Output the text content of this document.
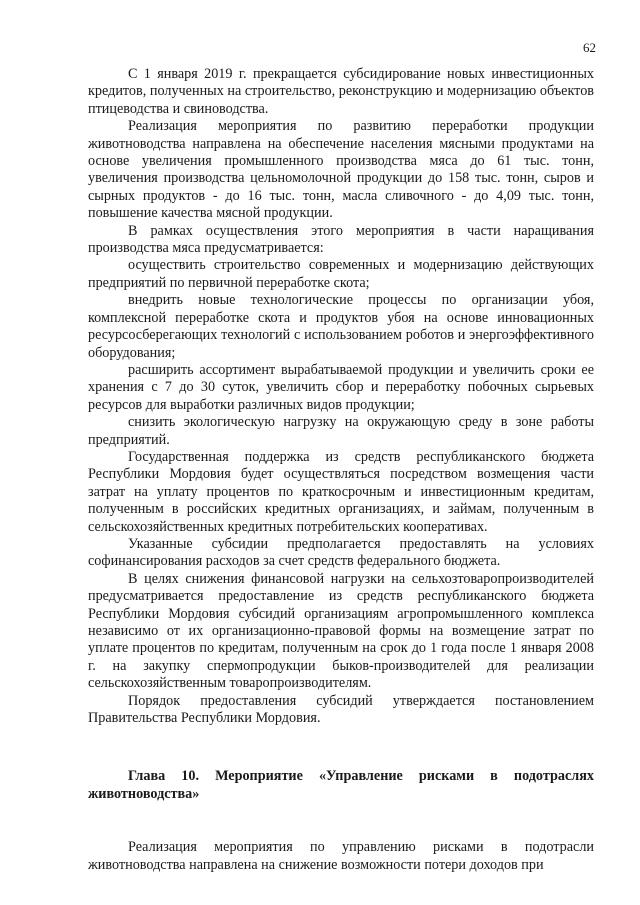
62

С 1 января 2019 г. прекращается субсидирование новых инвестиционных кредитов, полученных на строительство, реконструкцию и модернизацию объектов птицеводства и свиноводства.

Реализация мероприятия по развитию переработки продукции животноводства направлена на обеспечение населения мясными продуктами на основе увеличения промышленного производства мяса до 61 тыс. тонн, увеличения производства цельномолочной продукции до 158 тыс. тонн, сыров и сырных продуктов - до 16 тыс. тонн, масла сливочного - до 4,09 тыс. тонн, повышение качества мясной продукции.

В рамках осуществления этого мероприятия в части наращивания производства мяса предусматривается:

осуществить строительство современных и модернизацию действующих предприятий по первичной переработке скота;

внедрить новые технологические процессы по организации убоя, комплексной переработке скота и продуктов убоя на основе инновационных ресурсосберегающих технологий с использованием роботов и энергоэффективного оборудования;

расширить ассортимент вырабатываемой продукции и увеличить сроки ее хранения с 7 до 30 суток, увеличить сбор и переработку побочных сырьевых ресурсов для выработки различных видов продукции;

снизить экологическую нагрузку на окружающую среду в зоне работы предприятий.

Государственная поддержка из средств республиканского бюджета Республики Мордовия будет осуществляться посредством возмещения части затрат на уплату процентов по краткосрочным и инвестиционным кредитам, полученным в российских кредитных организациях, и займам, полученным в сельскохозяйственных кредитных потребительских кооперативах.

Указанные субсидии предполагается предоставлять на условиях софинансирования расходов за счет средств федерального бюджета.

В целях снижения финансовой нагрузки на сельхозтоваропроизводителей предусматривается предоставление из средств республиканского бюджета Республики Мордовия субсидий организациям агропромышленного комплекса независимо от их организационно-правовой формы на возмещение затрат по уплате процентов по кредитам, полученным на срок до 1 года после 1 января 2008 г. на закупку спермопродукции быков-производителей для реализации сельскохозяйственным товаропроизводителям.

Порядок предоставления субсидий утверждается постановлением Правительства Республики Мордовия.

Глава 10. Мероприятие «Управление рисками в подотраслях животноводства»

Реализация мероприятия по управлению рисками в подотрасли животноводства направлена на снижение возможности потери доходов при
